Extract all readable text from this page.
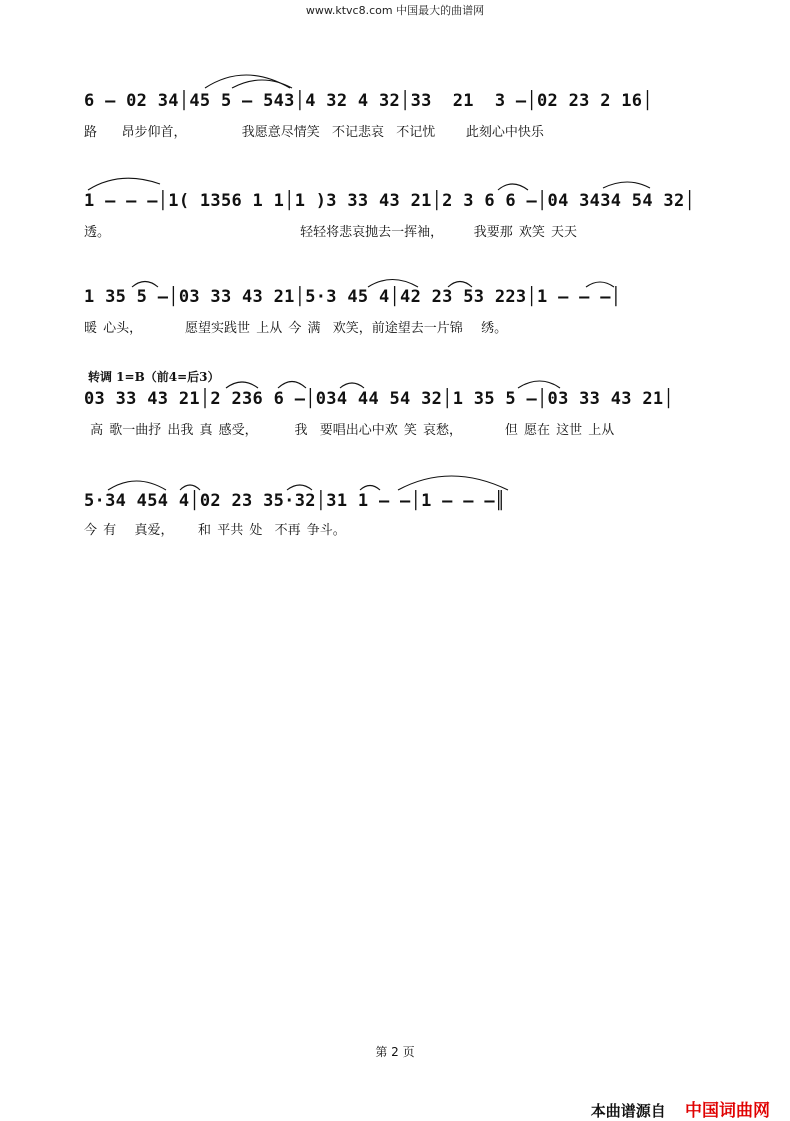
www.ktvc8.com 中国最大的曲谱网
6 – 02 34│45 5 – 543│4 32 4 32│33  21  3 –│02 23 2 16│
路    昂步仰首，         我愿意尽情笑  不记悲哀  不记忧     此刻心中快乐
1 – – –│1( 1356 1 1│1 )3 33 43 21│2 3 6 6 –│04 3434 54 32│
透。                               轻轻将悲哀抛去一挥袖，     我要那 欢笑 天天
1 35 5 –│03 33 43 21│5·3 45 4│42 23 53 223│1 – – –│
暖 心头，       愿望实践世 上从 今 满  欢笑，前途望去一片锦   绣。
转调 1=B（前4=后3）
03 33 43 21│2 236 6 –│034 44 54 32│1 35 5 –│03 33 43 21│
高 歌一曲抒 出我 真 感受，      我  要唱出心中欢 笑 哀愁，       但 愿在 这世 上从
5·34 454 4│02 23 35·32│31 1 – –│1 – – –║
今 有   真爱，    和 平共 处  不再 争斗。
第 2 页
本曲谱源自 中国词曲网
